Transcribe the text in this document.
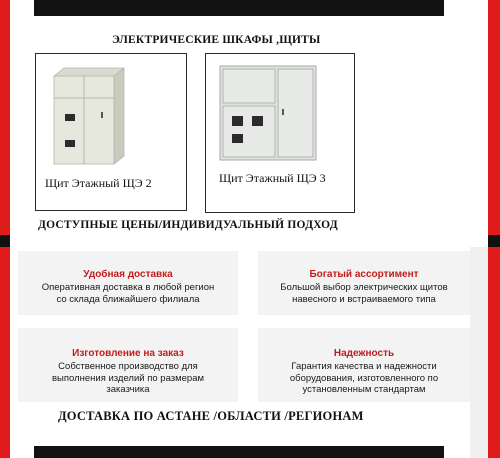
ЭЛЕКТРИЧЕСКИЕ ШКАФЫ ,ЩИТЫ
Щит Этажный ЩЭ 2	Щит Этажный ЩЭ 3
ДОСТУПНЫЕ ЦЕНЫ/ИНДИВИДУАЛЬНЫЙ ПОДХОД
Удобная доставка
Оперативная доставка в любой регион
со склада ближайшего филиала
Богатый ассортимент
Большой выбор электрических щитов
навесного и встраиваемого типа
Изготовление на заказ
Собственное производство для
выполнения изделий по размерам
заказчика
Надежность
Гарантия качества и надежности
оборудования, изготовленного по
установленным стандартам
ДОСТАВКА ПО АСТАНЕ /ОБЛАСТИ /РЕГИОНАМ
